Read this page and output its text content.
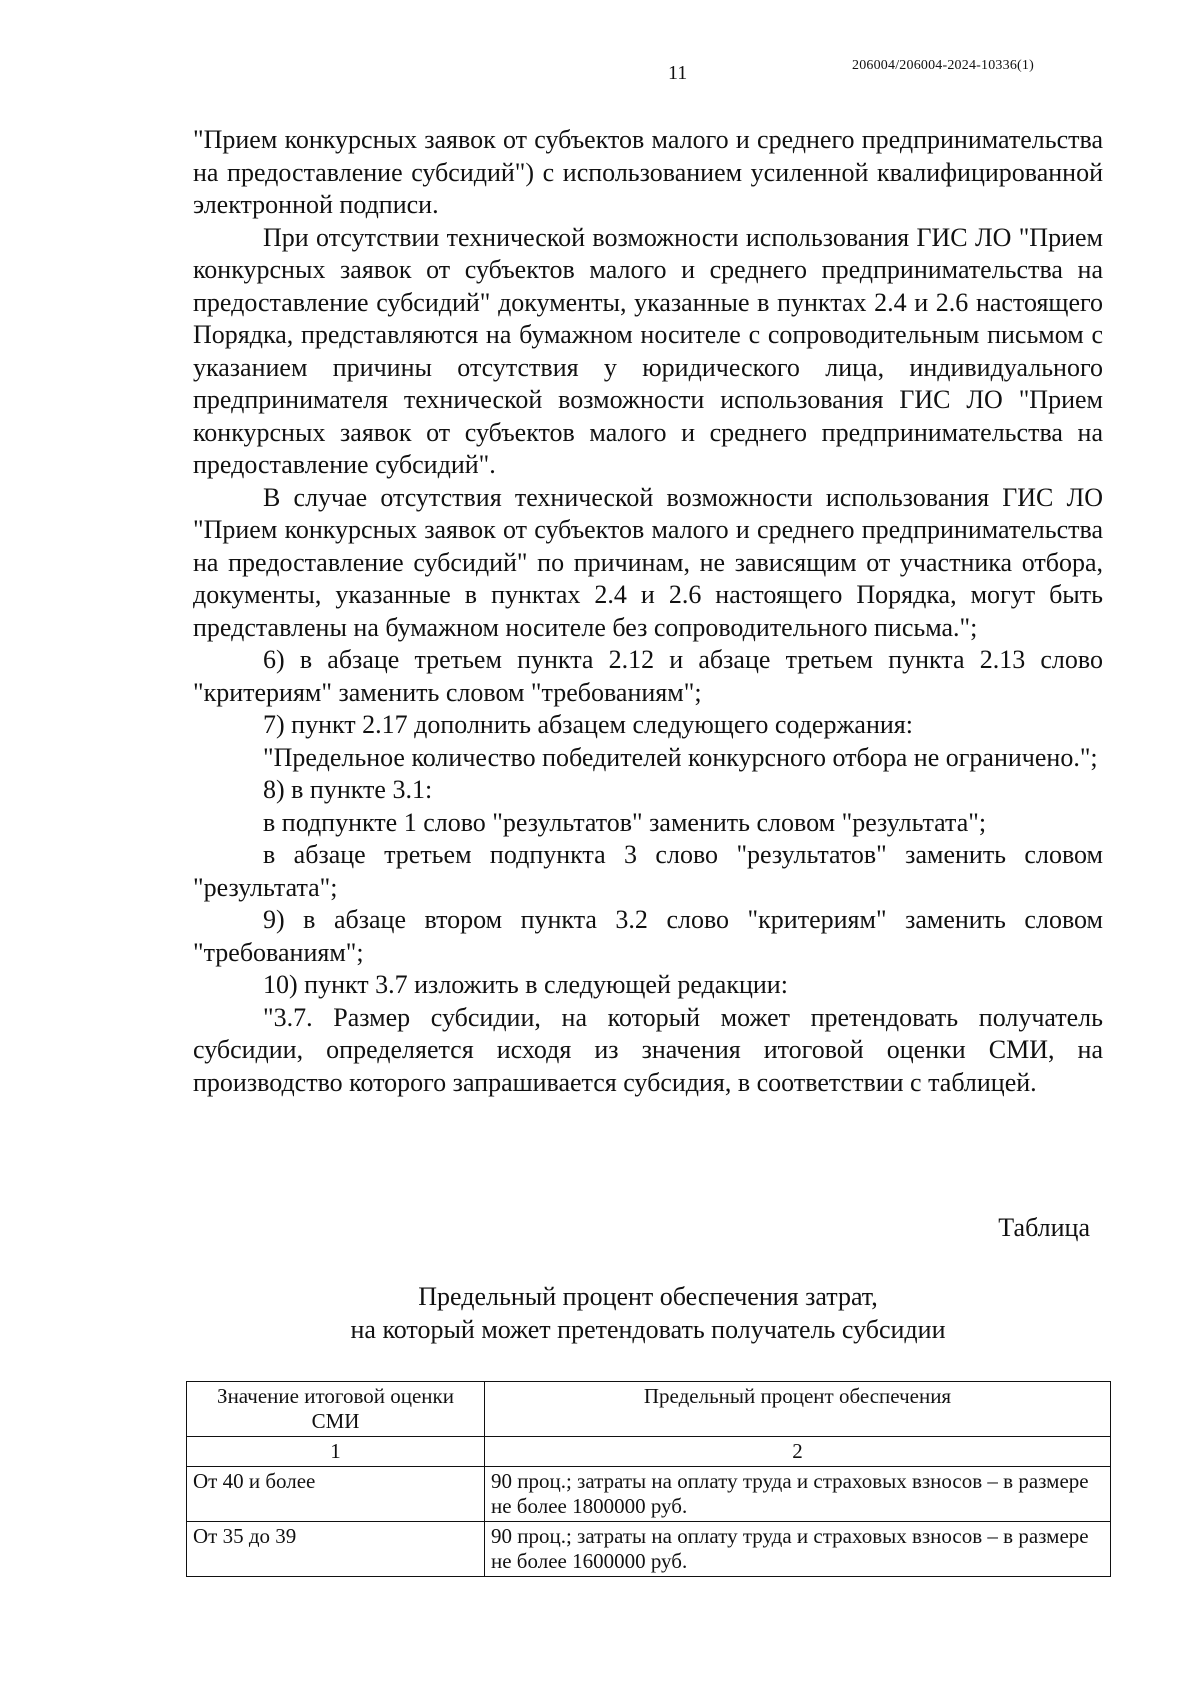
11	206004/206004-2024-10336(1)

"Прием конкурсных заявок от субъектов малого и среднего предпринимательства на предоставление субсидий") с использованием усиленной квалифицированной электронной подписи.

При отсутствии технической возможности использования ГИС ЛО "Прием конкурсных заявок от субъектов малого и среднего предпринимательства на предоставление субсидий" документы, указанные в пунктах 2.4 и 2.6 настоящего Порядка, представляются на бумажном носителе с сопроводительным письмом с указанием причины отсутствия у юридического лица, индивидуального предпринимателя технической возможности использования ГИС ЛО "Прием конкурсных заявок от субъектов малого и среднего предпринимательства на предоставление субсидий".

В случае отсутствия технической возможности использования ГИС ЛО "Прием конкурсных заявок от субъектов малого и среднего предпринимательства на предоставление субсидий" по причинам, не зависящим от участника отбора, документы, указанные в пунктах 2.4 и 2.6 настоящего Порядка, могут быть представлены на бумажном носителе без сопроводительного письма.";

6) в абзаце третьем пункта 2.12 и абзаце третьем пункта 2.13 слово "критериям" заменить словом "требованиям";

7) пункт 2.17 дополнить абзацем следующего содержания:

"Предельное количество победителей конкурсного отбора не ограничено.";

8) в пункте 3.1:

в подпункте 1 слово "результатов" заменить словом "результата";

в абзаце третьем подпункта 3 слово "результатов" заменить словом "результата";

9) в абзаце втором пункта 3.2 слово "критериям" заменить словом "требованиям";

10) пункт 3.7 изложить в следующей редакции:

"3.7. Размер субсидии, на который может претендовать получатель субсидии, определяется исходя из значения итоговой оценки СМИ, на производство которого запрашивается субсидия, в соответствии с таблицей.

Таблица
Предельный процент обеспечения затрат,
на который может претендовать получатель субсидии
Значение итоговой оценки СМИ	Предельный процент обеспечения
1	2
От 40 и более	90 проц.; затраты на оплату труда и страховых взносов – в размере не более 1800000 руб.
От 35 до 39	90 проц.; затраты на оплату труда и страховых взносов – в размере не более 1600000 руб.
